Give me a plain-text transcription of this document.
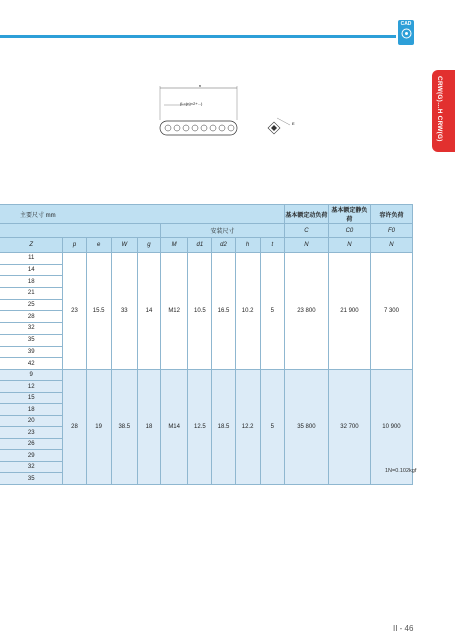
CAD
CRW(G)…H CRW(G)
n
(L=(n)×2+...)
E
主要尺寸 mm										基本额定动负荷	基本额定静负荷	容许负荷
					安装尺寸					C	C0	F0
Z	p	e	W	g	M	d1	d2	h	t	N	N	N
11	23	15.5	33	14	M12	10.5	16.5	10.2	5	23 800	21 900	7 300
14												
18												
21												
25												
28												
32												
35												
39												
42												
9	28	19	38.5	18	M14	12.5	18.5	12.2	5	35 800	32 700	10 900
12												
15												
18												
20												
23												
26												
29												
32												
35												
1N=0.102kgf
II - 46
